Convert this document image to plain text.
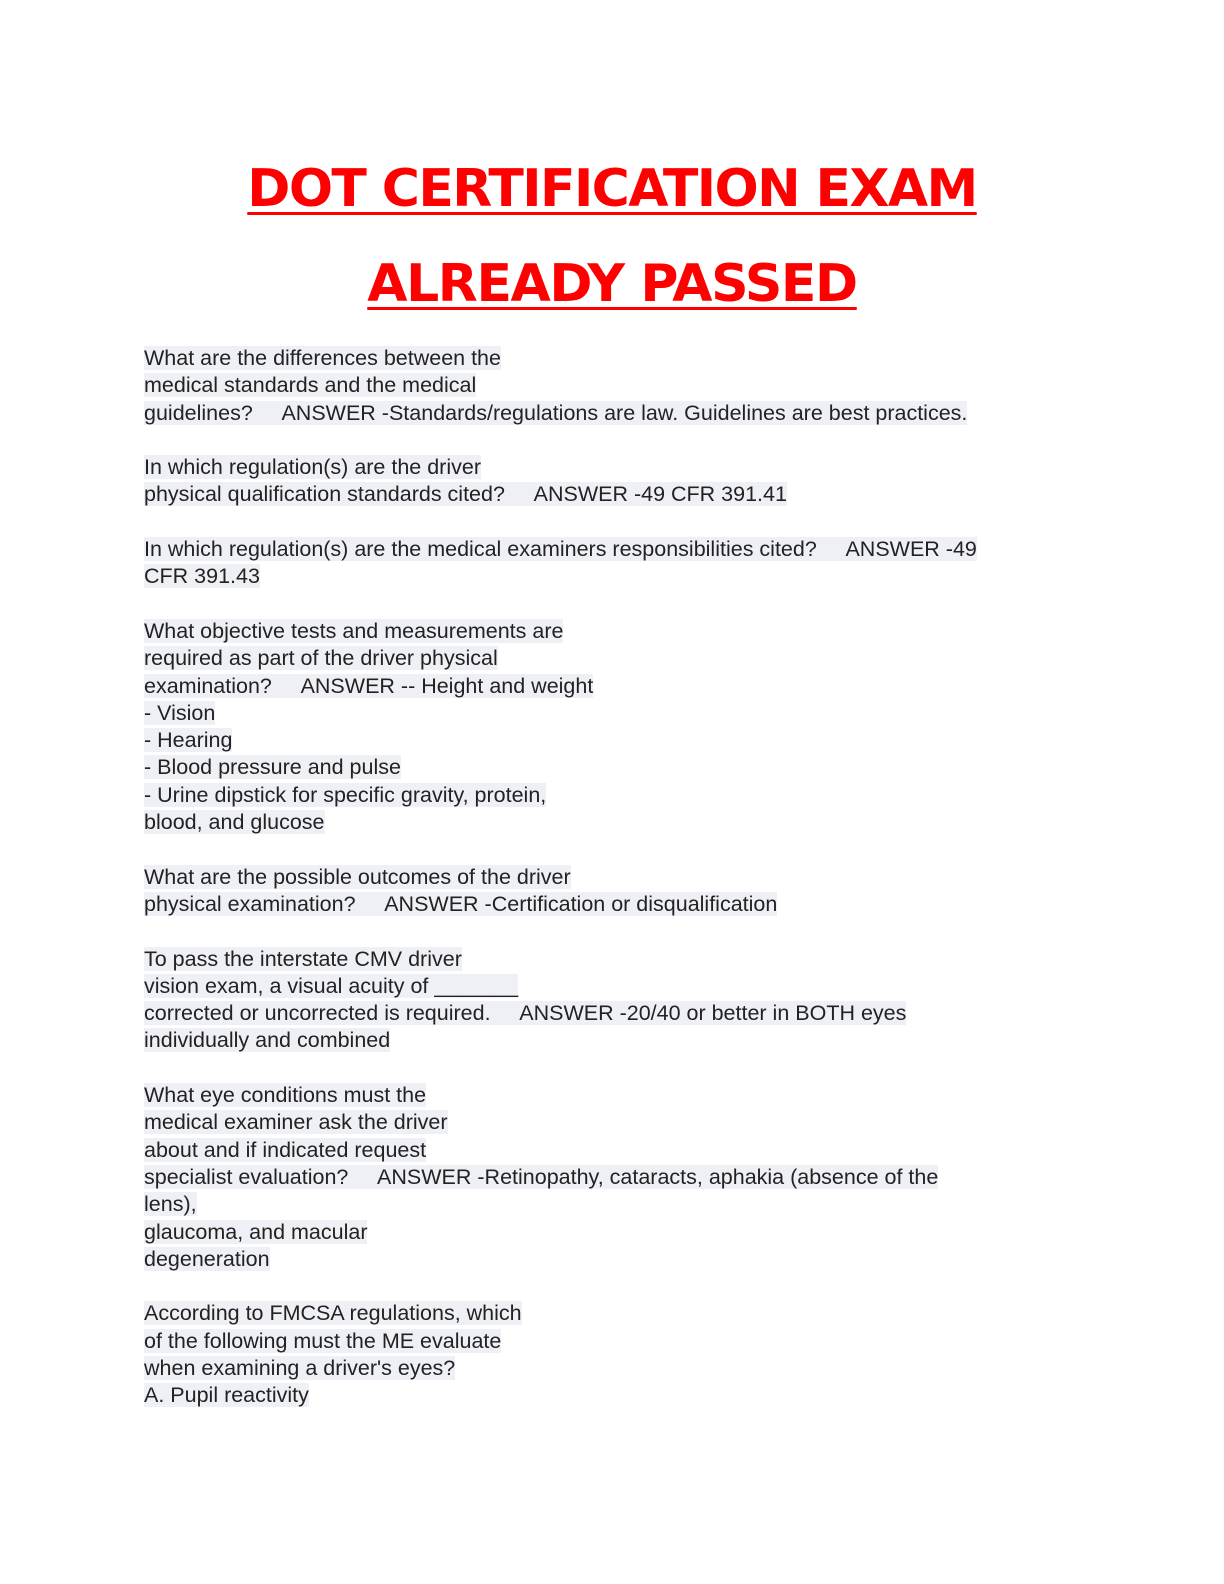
DOT CERTIFICATION EXAM
ALREADY PASSED
What are the differences between the
medical standards and the medical
guidelines?     ANSWER -Standards/regulations are law. Guidelines are best practices.
In which regulation(s) are the driver
physical qualification standards cited?     ANSWER -49 CFR 391.41
In which regulation(s) are the medical examiners responsibilities cited?     ANSWER -49
CFR 391.43
What objective tests and measurements are
required as part of the driver physical
examination?     ANSWER -- Height and weight
- Vision
- Hearing
- Blood pressure and pulse
- Urine dipstick for specific gravity, protein,
blood, and glucose
What are the possible outcomes of the driver
physical examination?     ANSWER -Certification or disqualification
To pass the interstate CMV driver
vision exam, a visual acuity of _______
corrected or uncorrected is required.     ANSWER -20/40 or better in BOTH eyes
individually and combined
What eye conditions must the
medical examiner ask the driver
about and if indicated request
specialist evaluation?     ANSWER -Retinopathy, cataracts, aphakia (absence of the
lens),
glaucoma, and macular
degeneration
According to FMCSA regulations, which
of the following must the ME evaluate
when examining a driver's eyes?
A. Pupil reactivity
